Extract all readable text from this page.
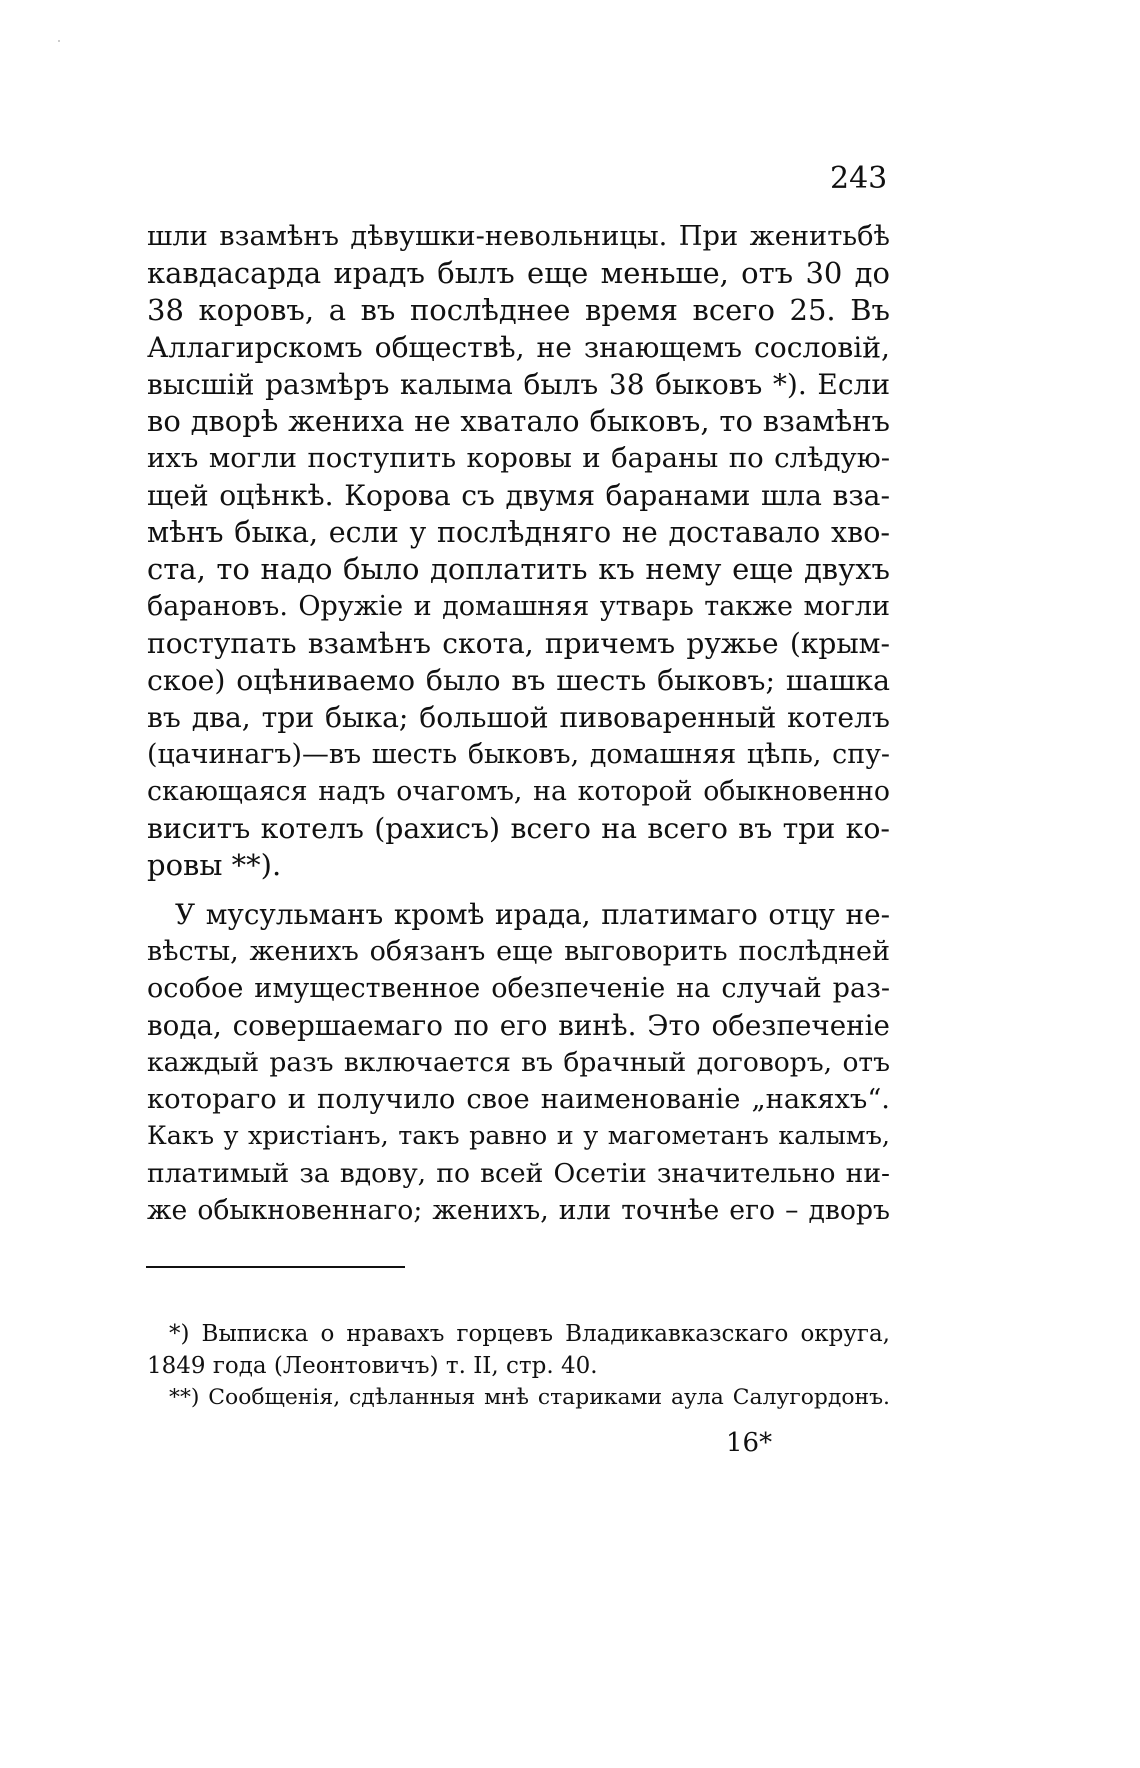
243
шли взамѣнъ дѣвушки-невольницы. При женитьбѣ
кавдасарда ирадъ былъ еще меньше, отъ 30 до
38 коровъ, а въ послѣднее время всего 25. Въ
Аллагирскомъ обществѣ, не знающемъ сословій,
высшій размѣръ калыма былъ 38 быковъ *). Если
во дворѣ жениха не хватало быковъ, то взамѣнъ
ихъ могли поступить коровы и бараны по слѣдую-
щей оцѣнкѣ. Корова съ двумя баранами шла вза-
мѣнъ быка, если у послѣдняго не доставало хво-
ста, то надо было доплатить къ нему еще двухъ
барановъ. Оружіе и домашняя утварь также могли
поступать взамѣнъ скота, причемъ ружье (крым-
ское) оцѣниваемо было въ шесть быковъ; шашка
въ два, три быка; большой пивоваренный котелъ
(цачинагъ)—въ шесть быковъ, домашняя цѣпь, спу-
скающаяся надъ очагомъ, на которой обыкновенно
виситъ котелъ (рахисъ) всего на всего въ три ко-
ровы **).
У мусульманъ кромѣ ирада, платимаго отцу не-
вѣсты, женихъ обязанъ еще выговорить послѣдней
особое имущественное обезпеченіе на случай раз-
вода, совершаемаго по его винѣ. Это обезпеченіе
каждый разъ включается въ брачный договоръ, отъ
котораго и получило свое наименованіе „накяхъ“.
Какъ у христіанъ, такъ равно и у магометанъ калымъ,
платимый за вдову, по всей Осетіи значительно ни-
же обыкновеннаго; женихъ, или точнѣе его – дворъ
*) Выписка о нравахъ горцевъ Владикавказскаго округа,
1849 года (Леонтовичъ) т. II, стр. 40.
**) Сообщенія, сдѣланныя мнѣ стариками аула Салугордонъ.
16*
